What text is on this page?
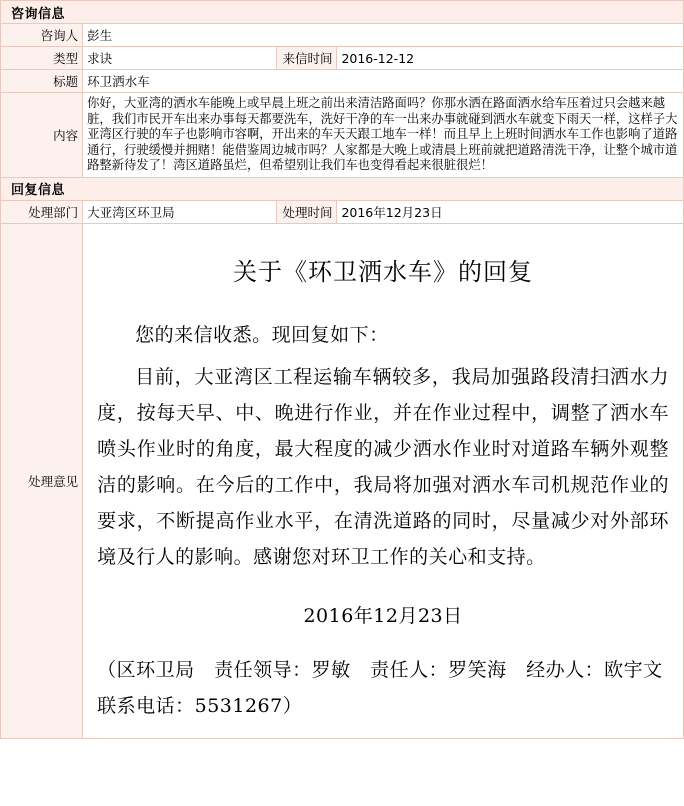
咨询信息			
咨询人	彭生		
类型	求诀	来信时间	2016-12-12
标题	环卫洒水车		
内容	你好，大亚湾的洒水车能晚上或早晨上班之前出来清洁路面吗？你那水洒在路面洒水给车压着过只会越来越脏，我们市民开车出来办事每天都要洗车，洗好干净的车一出来办事就碰到洒水车就变下雨天一样，这样子大亚湾区行驶的车子也影响市容啊，开出来的车天天跟工地车一样！而且早上上班时间洒水车工作也影响了道路通行，行驶缓慢并拥赌！能借鉴周边城市吗？人家都是大晚上或清晨上班前就把道路清洗干净，让整个城市道路整新待发了！湾区道路虽烂，但希望别让我们车也变得看起来很脏很烂！		
回复信息			
处理部门	大亚湾区环卫局	处理时间	2016年12月23日
处理意见	关于《环卫洒水车》的回复

您的来信收悉。现回复如下：

目前，大亚湾区工程运输车辆较多，我局加强路段清扫洒水力度，按每天早、中、晚进行作业，并在作业过程中，调整了洒水车喷头作业时的角度，最大程度的减少洒水作业时对道路车辆外观整洁的影响。在今后的工作中，我局将加强对洒水车司机规范作业的要求，不断提高作业水平，在清洗道路的同时，尽量减少对外部环境及行人的影响。感谢您对环卫工作的关心和支持。

2016年12月23日
（区环卫局　责任领导：罗敏　责任人：罗笑海　经办人：欧宇文　联系电话：5531267）		
